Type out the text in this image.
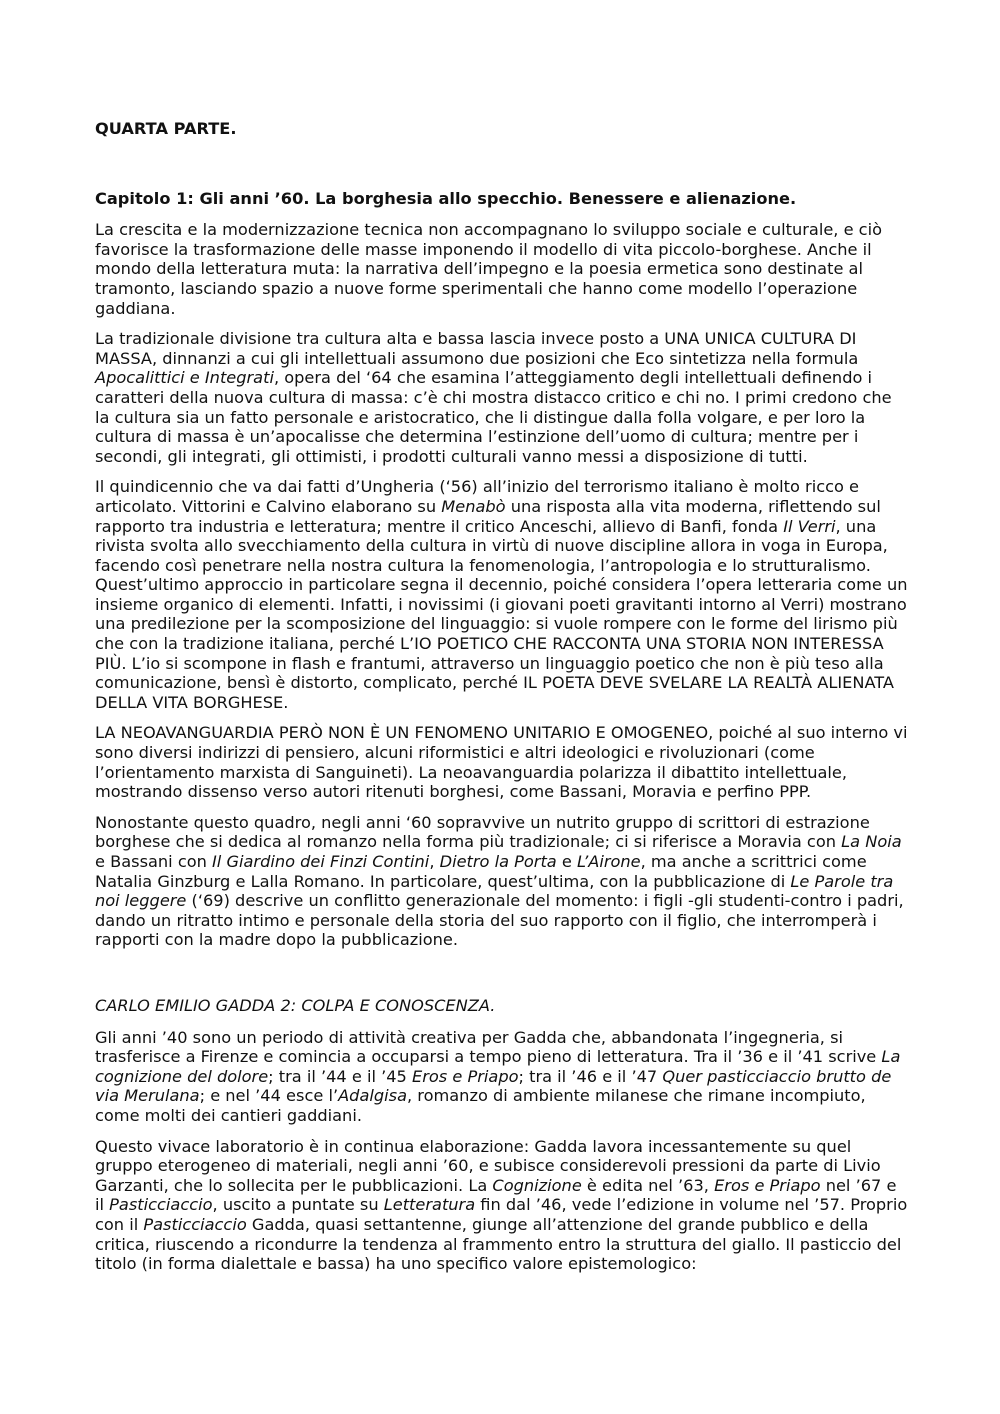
QUARTA PARTE.
Capitolo 1: Gli anni ’60. La borghesia allo specchio. Benessere e alienazione.

La crescita e la modernizzazione tecnica non accompagnano lo sviluppo sociale e culturale, e ciò favorisce la trasformazione delle masse imponendo il modello di vita piccolo-borghese. Anche il mondo della letteratura muta: la narrativa dell’impegno e la poesia ermetica sono destinate al tramonto, lasciando spazio a nuove forme sperimentali che hanno come modello l’operazione gaddiana.

La tradizionale divisione tra cultura alta e bassa lascia invece posto a UNA UNICA CULTURA DI MASSA, dinnanzi a cui gli intellettuali assumono due posizioni che Eco sintetizza nella formula Apocalittici e Integrati, opera del ‘64 che esamina l’atteggiamento degli intellettuali definendo i caratteri della nuova cultura di massa: c’è chi mostra distacco critico e chi no. I primi credono che la cultura sia un fatto personale e aristocratico, che li distingue dalla folla volgare, e per loro la cultura di massa è un’apocalisse che determina l’estinzione dell’uomo di cultura; mentre per i secondi, gli integrati, gli ottimisti, i prodotti culturali vanno messi a disposizione di tutti.

Il quindicennio che va dai fatti d’Ungheria (‘56) all’inizio del terrorismo italiano è molto ricco e articolato. Vittorini e Calvino elaborano su Menabò una risposta alla vita moderna, riflettendo sul rapporto tra industria e letteratura; mentre il critico Anceschi, allievo di Banfi, fonda Il Verri, una rivista svolta allo svecchiamento della cultura in virtù di nuove discipline allora in voga in Europa, facendo così penetrare nella nostra cultura la fenomenologia, l’antropologia e lo strutturalismo. Quest’ultimo approccio in particolare segna il decennio, poiché considera l’opera letteraria come un insieme organico di elementi. Infatti, i novissimi (i giovani poeti gravitanti intorno al Verri) mostrano una predilezione per la scomposizione del linguaggio: si vuole rompere con le forme del lirismo più che con la tradizione italiana, perché L’IO POETICO CHE RACCONTA UNA STORIA NON INTERESSA PIÙ. L’io si scompone in flash e frantumi, attraverso un linguaggio poetico che non è più teso alla comunicazione, bensì è distorto, complicato, perché IL POETA DEVE SVELARE LA REALTÀ ALIENATA DELLA VITA BORGHESE.

LA NEOAVANGUARDIA PERÒ NON È UN FENOMENO UNITARIO E OMOGENEO, poiché al suo interno vi sono diversi indirizzi di pensiero, alcuni riformistici e altri ideologici e rivoluzionari (come l’orientamento marxista di Sanguineti). La neoavanguardia polarizza il dibattito intellettuale, mostrando dissenso verso autori ritenuti borghesi, come Bassani, Moravia e perfino PPP.

Nonostante questo quadro, negli anni ‘60 sopravvive un nutrito gruppo di scrittori di estrazione borghese che si dedica al romanzo nella forma più tradizionale; ci si riferisce a Moravia con La Noia e Bassani con Il Giardino dei Finzi Contini, Dietro la Porta e L’Airone, ma anche a scrittrici come Natalia Ginzburg e Lalla Romano. In particolare, quest’ultima, con la pubblicazione di Le Parole tra noi leggere (‘69) descrive un conflitto generazionale del momento: i figli -gli studenti-contro i padri, dando un ritratto intimo e personale della storia del suo rapporto con il figlio, che interromperà i rapporti con la madre dopo la pubblicazione.

CARLO EMILIO GADDA 2: COLPA E CONOSCENZA.

Gli anni ’40 sono un periodo di attività creativa per Gadda che, abbandonata l’ingegneria, si trasferisce a Firenze e comincia a occuparsi a tempo pieno di letteratura. Tra il ’36 e il ’41 scrive La cognizione del dolore; tra il ’44 e il ’45 Eros e Priapo; tra il ’46 e il ’47 Quer pasticciaccio brutto de via Merulana; e nel ’44 esce l’Adalgisa, romanzo di ambiente milanese che rimane incompiuto, come molti dei cantieri gaddiani.

Questo vivace laboratorio è in continua elaborazione: Gadda lavora incessantemente su quel gruppo eterogeneo di materiali, negli anni ’60, e subisce considerevoli pressioni da parte di Livio Garzanti, che lo sollecita per le pubblicazioni. La Cognizione è edita nel ’63, Eros e Priapo nel ’67 e il Pasticciaccio, uscito a puntate su Letteratura fin dal ’46, vede l’edizione in volume nel ’57. Proprio con il Pasticciaccio Gadda, quasi settantenne, giunge all’attenzione del grande pubblico e della critica, riuscendo a ricondurre la tendenza al frammento entro la struttura del giallo. Il pasticcio del titolo (in forma dialettale e bassa) ha uno specifico valore epistemologico:
